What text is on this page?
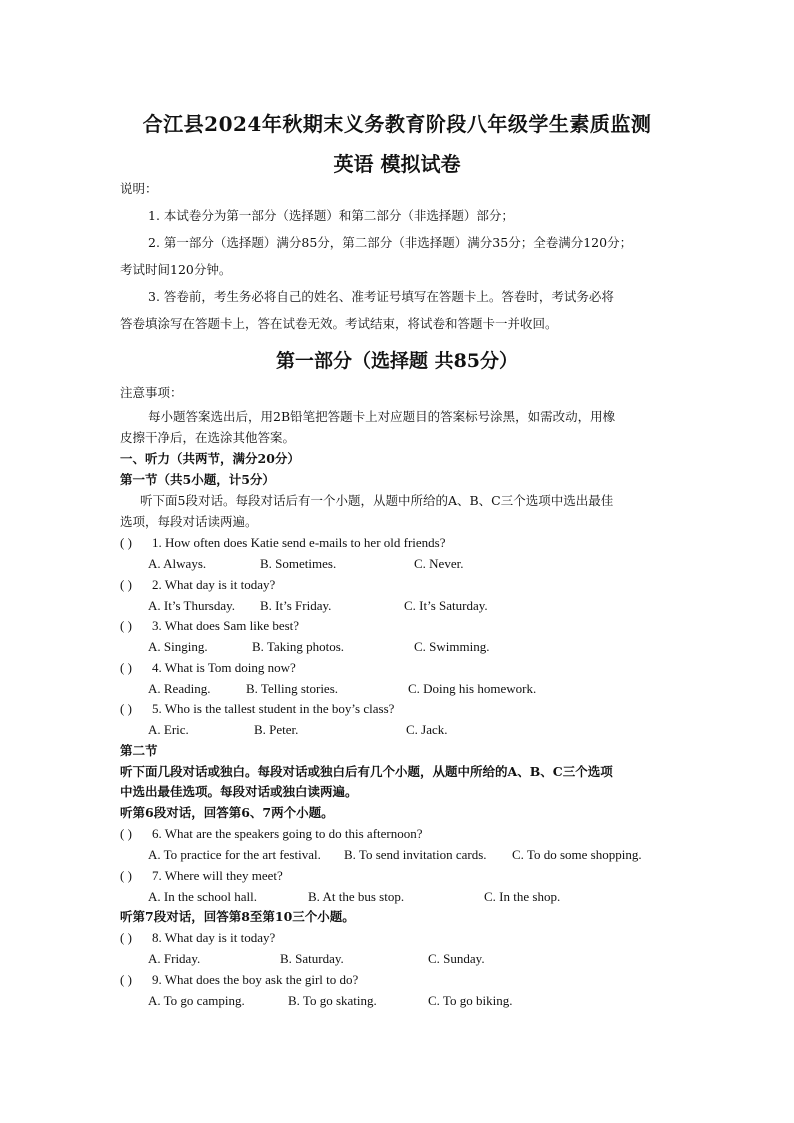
合江县2024年秋期末义务教育阶段八年级学生素质监测
英语 模拟试卷
说明：
1. 本试卷分为第一部分（选择题）和第二部分（非选择题）部分；
2. 第一部分（选择题）满分85分，第二部分（非选择题）满分35分；全卷满分120分；
考试时间120分钟。
3. 答卷前，考生务必将自己的姓名、准考证号填写在答题卡上。答卷时，考试务必将
答卷填涂写在答题卡上，答在试卷无效。考试结束，将试卷和答题卡一并收回。
第一部分（选择题 共85分）
注意事项：
每小题答案选出后，用2B铅笔把答题卡上对应题目的答案标号涂黑，如需改动，用橡
皮擦干净后，在选涂其他答案。
一、听力（共两节，满分20分）
第一节（共5小题，计5分）
听下面5段对话。每段对话后有一个小题，从题中所给的A、B、C三个选项中选出最佳
选项，每段对话读两遍。
( ) 1. How often does Katie send e-mails to her old friends?
A. Always.	B. Sometimes.	C. Never.
( ) 2. What day is it today?
A. It’s Thursday. B. It’s Friday.	C. It’s Saturday.
( ) 3. What does Sam like best?
A. Singing.	B. Taking photos.	C. Swimming.
( ) 4. What is Tom doing now?
A. Reading.	B. Telling stories.	C. Doing his homework.
( ) 5. Who is the tallest student in the boy’s class?
A. Eric.	B. Peter.	C. Jack.
第二节
听下面几段对话或独白。每段对话或独白后有几个小题，从题中所给的A、B、C三个选项
中选出最佳选项。每段对话或独白读两遍。
听第6段对话，回答第6、7两个小题。
( ) 6. What are the speakers going to do this afternoon?
A. To practice for the art festival. B. To send invitation cards. C. To do some shopping.
( ) 7. Where will they meet?
A. In the school hall.	B. At the bus stop.	C. In the shop.
听第7段对话，回答第8至第10三个小题。
( ) 8. What day is it today?
A. Friday.	B. Saturday.	C. Sunday.
( ) 9. What does the boy ask the girl to do?
A. To go camping.	B. To go skating.	C. To go biking.
